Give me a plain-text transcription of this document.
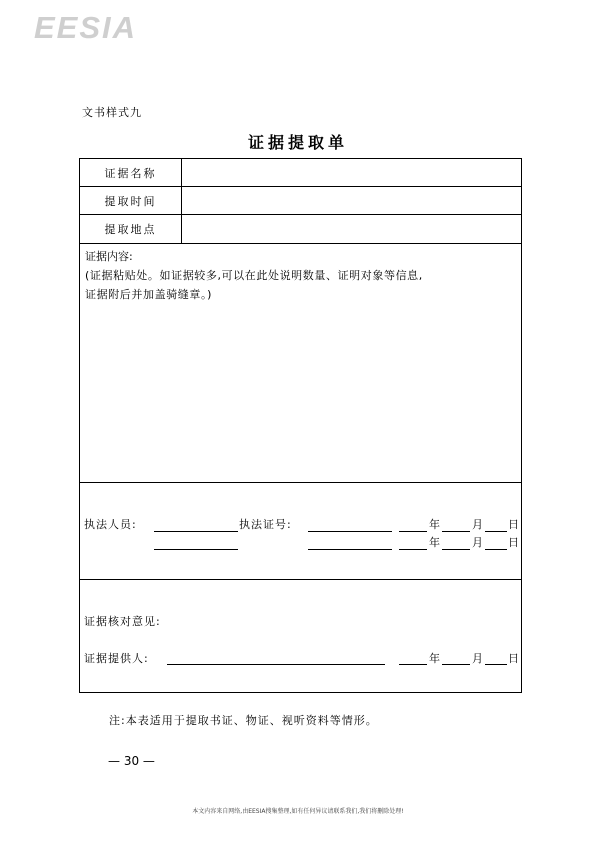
EESIA
文书样式九
证据提取单
证据名称
提取时间
提取地点
证据内容:
(证据粘贴处。如证据较多,可以在此处说明数量、证明对象等信息,
证据附后并加盖骑缝章。)
执法人员:	执法证号:	年	月 日
年	月 日
证据核对意见:
证据提供人:	年	月 日
注:本表适用于提取书证、物证、视听资料等情形。
— 30 —
本文内容来自网络,由EESIA搜集整理,如有任何异议请联系我们,我们将删除处理!
